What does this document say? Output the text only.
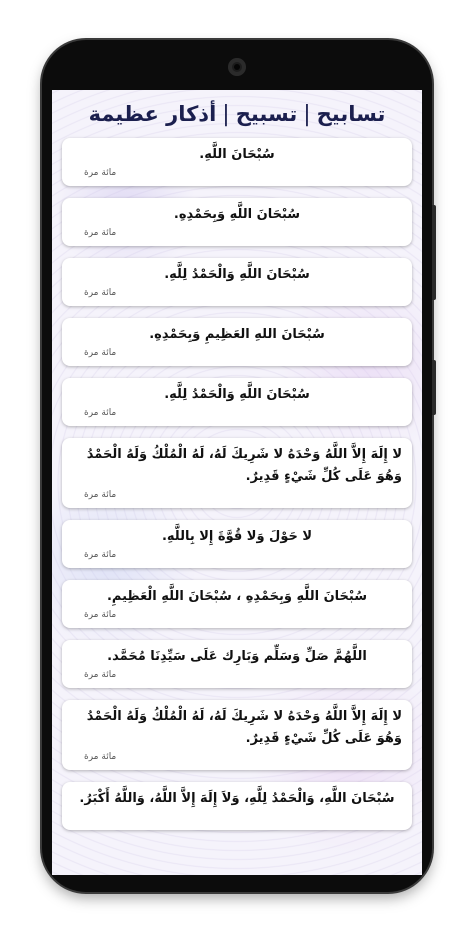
تسابيح
|
تسبيح
|
أذكار عظيمة
سُبْحَانَ اللَّهِ.
مائة مرة
سُبْحَانَ اللَّهِ وَبِحَمْدِهِ.
مائة مرة
سُبْحَانَ اللَّهِ وَالْحَمْدُ لِلَّهِ.
مائة مرة
سُبْحَانَ اللهِ العَظِيمِ وَبِحَمْدِهِ.
مائة مرة
سُبْحَانَ اللَّهِ وَالْحَمْدُ لِلَّهِ.
مائة مرة
لا إِلَهَ إِلاَّ اللَّهُ وَحْدَهُ لا شَرِيكَ لَهُ، لَهُ الْمُلْكُ وَلَهُ الْحَمْدُ وَهُوَ عَلَى كُلِّ شَيْءٍ قَدِيرٌ.
مائة مرة
لا حَوْلَ وَلا قُوَّةَ إِلا بِاللَّهِ.
مائة مرة
سُبْحَانَ اللَّهِ وَبِحَمْدِهِ ، سُبْحَانَ اللَّهِ الْعَظِيمِ.
مائة مرة
اللَّهُمَّ صَلِّ وَسَلِّم وَبَارِك عَلَى سَيِّدِنَا مُحَمَّد.
مائة مرة
لا إِلَهَ إِلاَّ اللَّهُ وَحْدَهُ لا شَرِيكَ لَهُ، لَهُ الْمُلْكُ وَلَهُ الْحَمْدُ وَهُوَ عَلَى كُلِّ شَيْءٍ قَدِيرٌ.
مائة مرة
سُبْحَانَ اللَّهِ، وَالْحَمْدُ لِلَّهِ، وَلاَ إِلَهَ إِلاَّ اللَّهُ، وَاللَّهُ أَكْبَرُ.
